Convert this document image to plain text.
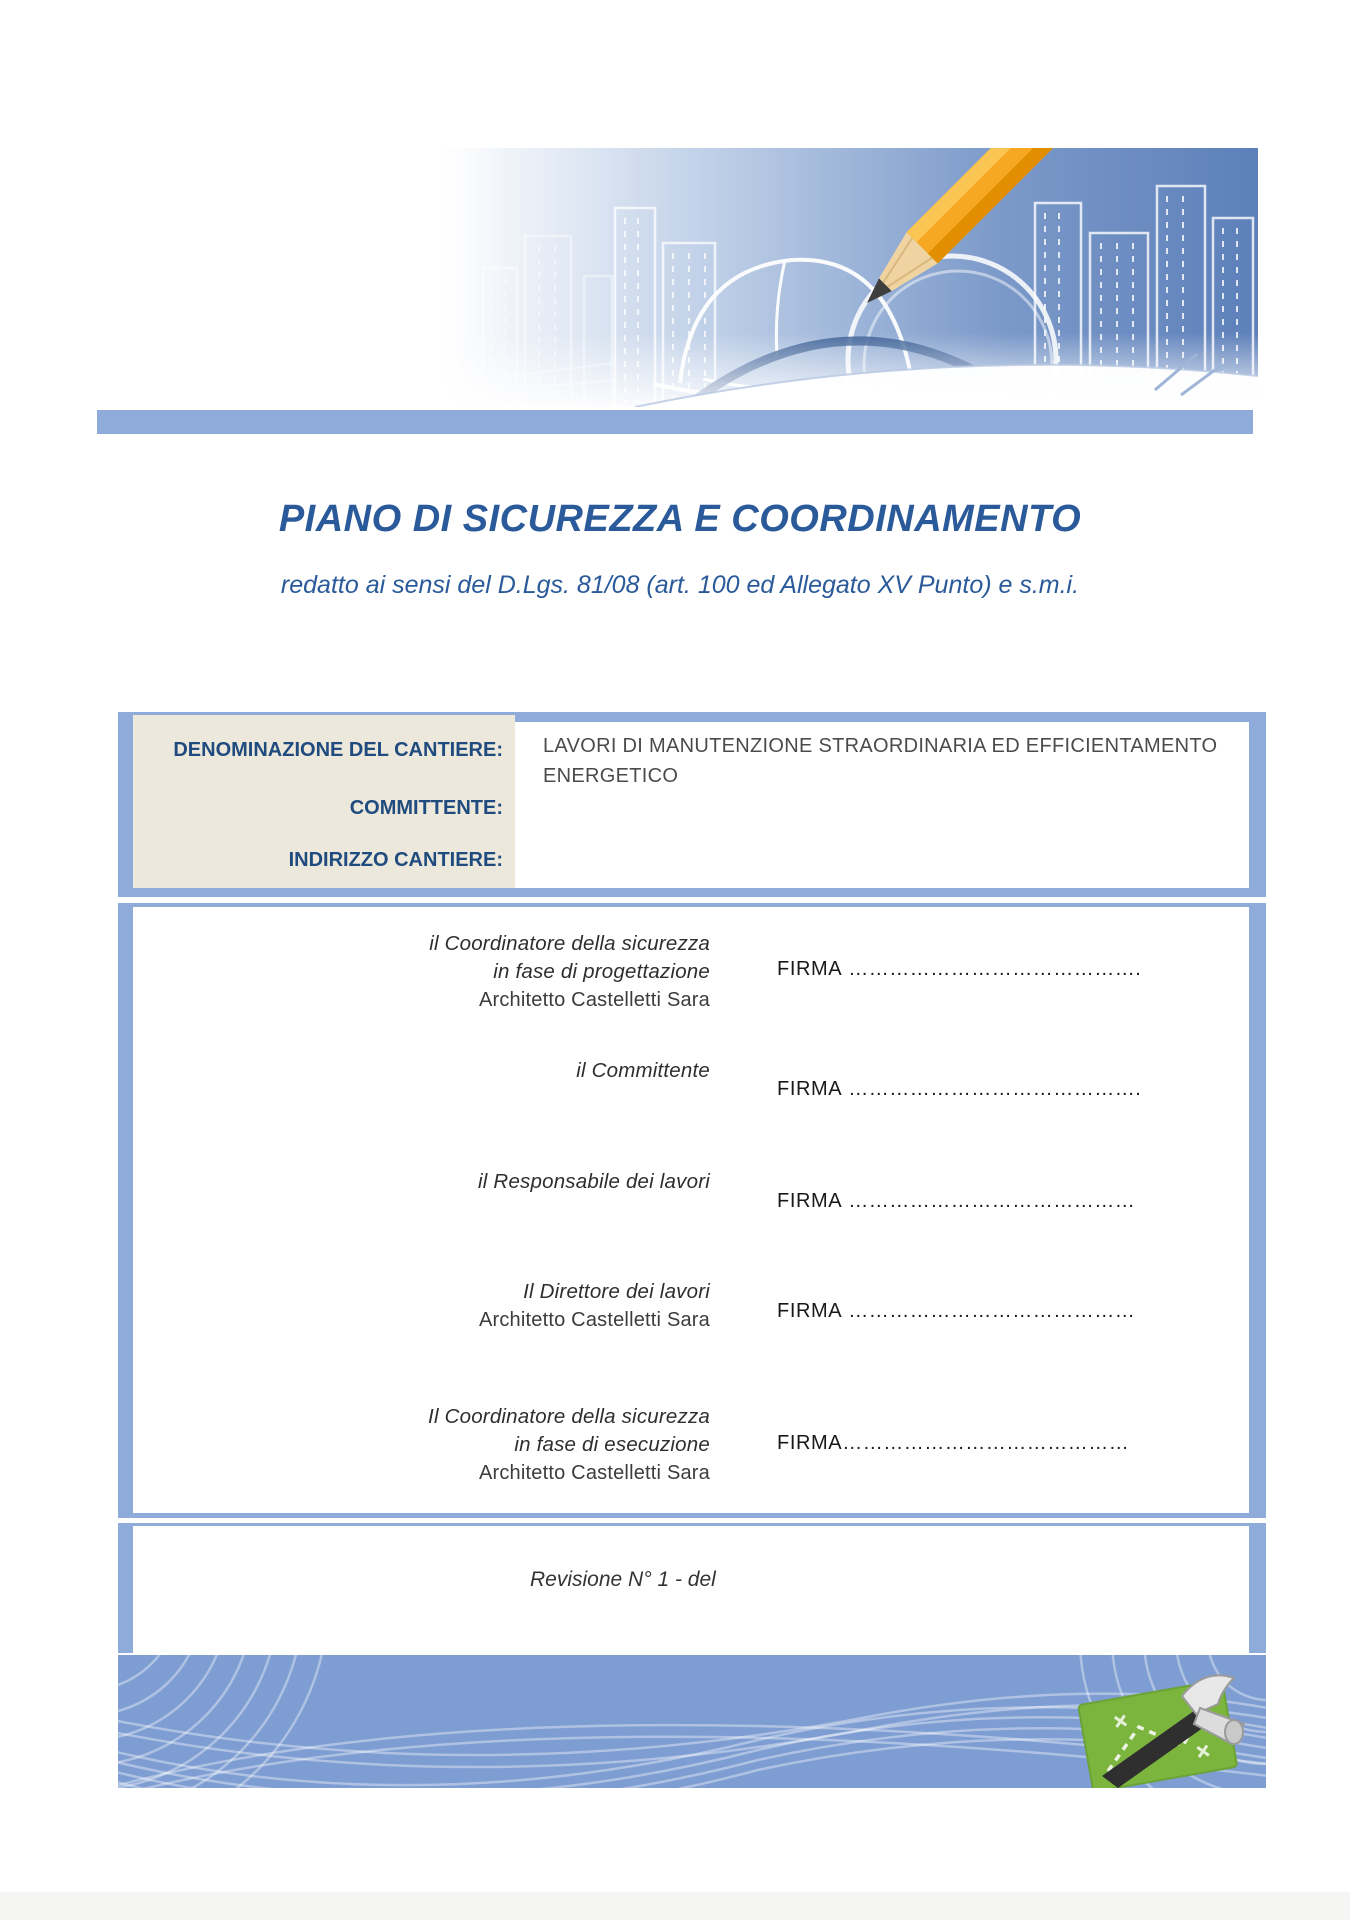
PIANO DI SICUREZZA E COORDINAMENTO
redatto ai sensi del D.Lgs. 81/08 (art. 100 ed Allegato XV Punto) e s.m.i.
DENOMINAZIONE DEL CANTIERE:
COMMITTENTE:
INDIRIZZO CANTIERE:
LAVORI DI MANUTENZIONE STRAORDINARIA ED EFFICIENTAMENTO ENERGETICO
il Coordinatore della sicurezza
in fase di progettazione
Architetto Castelletti Sara
FIRMA …………………………………….
il Committente
FIRMA …………………………………….
il Responsabile dei lavori
FIRMA ……………………………………
Il Direttore dei lavori
Architetto Castelletti Sara	FIRMA ……………………………………
Il Coordinatore della sicurezza
in fase di esecuzione
Architetto Castelletti Sara
FIRMA……………………………………
Revisione N° 1 - del
